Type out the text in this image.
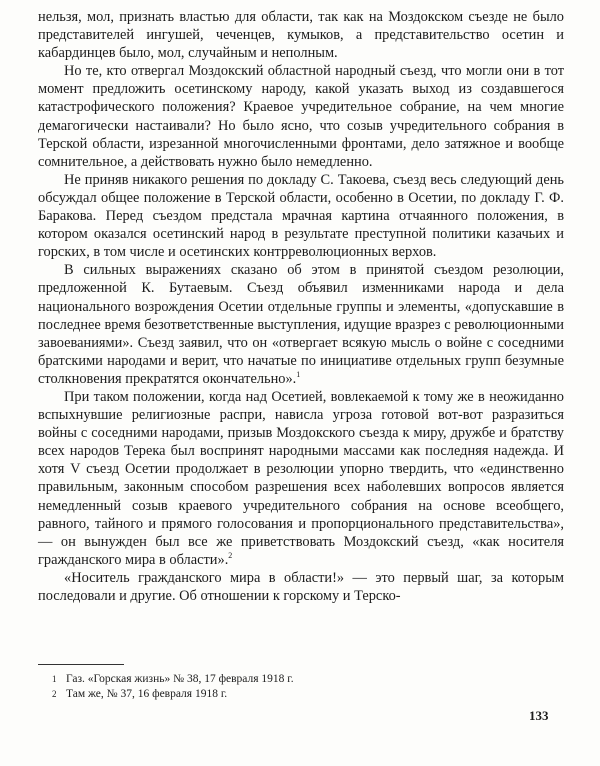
нельзя, мол, признать властью для области, так как на Моздокском съезде не было представителей ингушей, чеченцев, кумыков, а представительство осетин и кабардинцев было, мол, случайным и неполным.

Но те, кто отвергал Моздокский областной народный съезд, что могли они в тот момент предложить осетинскому народу, какой указать выход из создавшегося катастрофического положения? Краевое учредительное собрание, на чем многие демагогически настаивали? Но было ясно, что созыв учредительного собрания в Терской области, изрезанной многочисленными фронтами, дело затяжное и вообще сомнительное, а действовать нужно было немедленно.

Не приняв никакого решения по докладу С. Такоева, съезд весь следующий день обсуждал общее положение в Терской области, особенно в Осетии, по докладу Г. Ф. Баракова. Перед съездом предстала мрачная картина отчаянного положения, в котором оказался осетинский народ в результате преступной политики казачьих и горских, в том числе и осетинских контрреволюционных верхов.

В сильных выражениях сказано об этом в принятой съездом резолюции, предложенной К. Бутаевым. Съезд объявил изменниками народа и дела национального возрождения Осетии отдельные группы и элементы, «допускавшие в последнее время безответственные выступления, идущие вразрез с революционными завоеваниями». Съезд заявил, что он «отвергает всякую мысль о войне с соседними братскими народами и верит, что начатые по инициативе отдельных групп безумные столкновения прекратятся окончательно».$^1$

При таком положении, когда над Осетией, вовлекаемой к тому же в неожиданно вспыхнувшие религиозные распри, нависла угроза готовой вот-вот разразиться войны с соседними народами, призыв Моздокского съезда к миру, дружбе и братству всех народов Терека был воспринят народными массами как последняя надежда. И хотя V съезд Осетии продолжает в резолюции упорно твердить, что «единственно правильным, законным способом разрешения всех наболевших вопросов является немедленный созыв краевого учредительного собрания на основе всеобщего, равного, тайного и прямого голосования и пропорционального представительства»,— он вынужден был все же приветствовать Моздокский съезд, «как носителя гражданского мира в области».$^2$

«Носитель гражданского мира в области!» — это первый шаг, за которым последовали и другие. Об отношении к горскому и Терско-

1 Газ. «Горская жизнь» № 38, 17 февраля 1918 г.
2 Там же, № 37, 16 февраля 1918 г.
133
